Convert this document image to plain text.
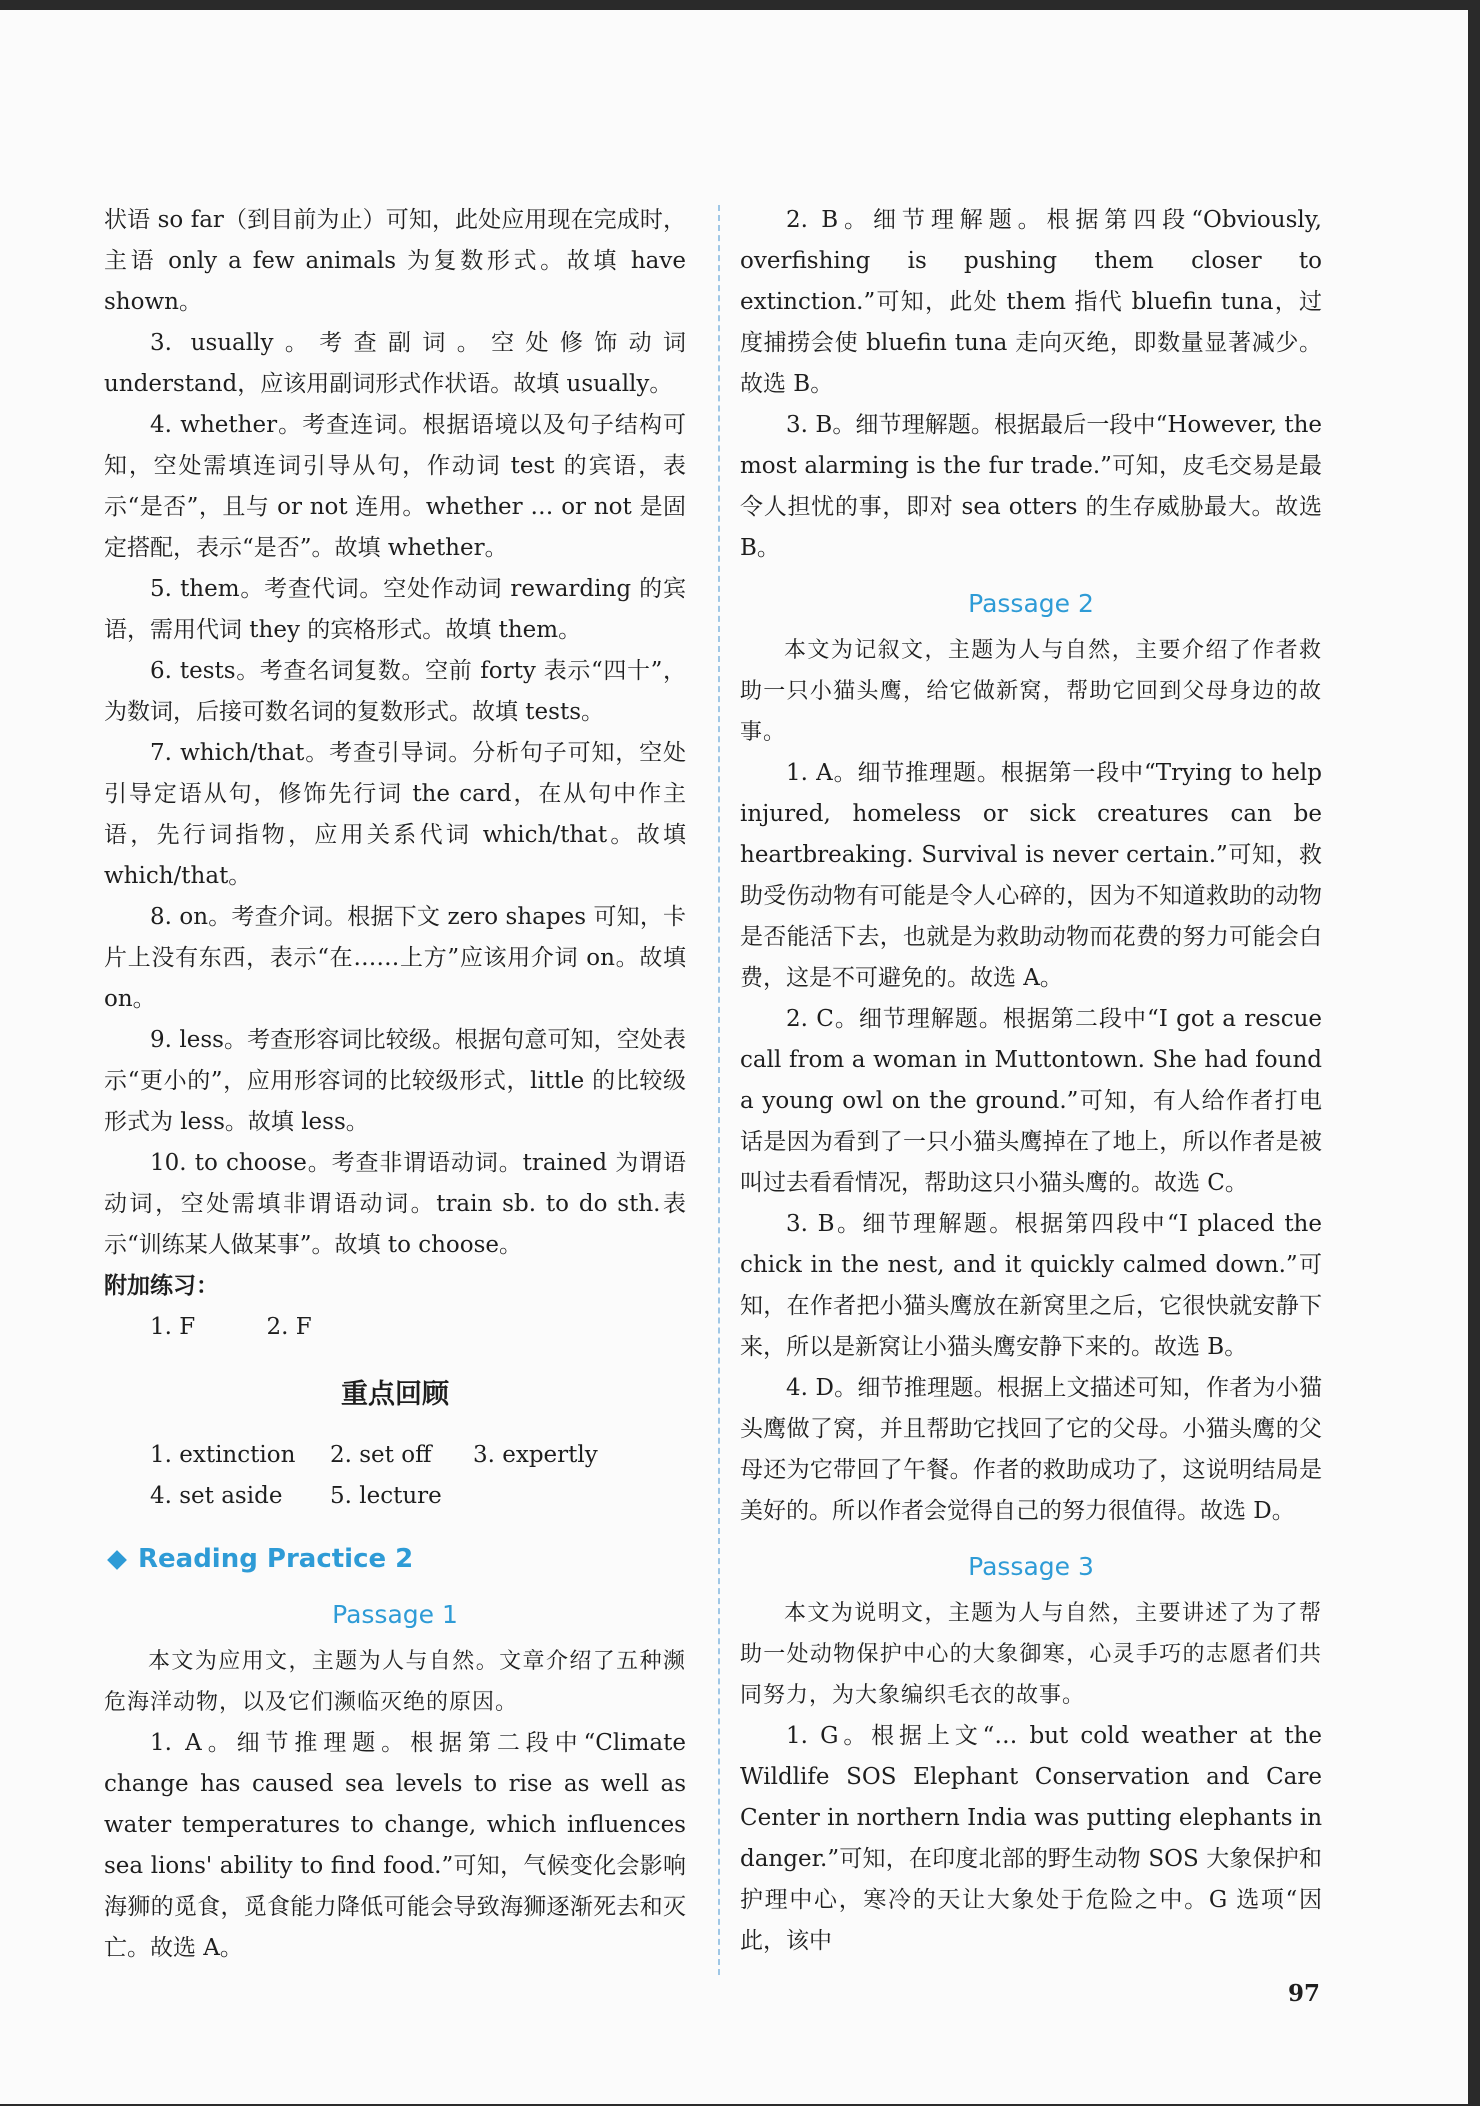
状语 so far（到目前为止）可知，此处应用现在完成时，主语 only a few animals 为复数形式。故填 have shown。

3. usually。考查副词。空处修饰动词 understand，应该用副词形式作状语。故填 usually。

4. whether。考查连词。根据语境以及句子结构可知，空处需填连词引导从句，作动词 test 的宾语，表示“是否”，且与 or not 连用。whether … or not 是固定搭配，表示“是否”。故填 whether。

5. them。考查代词。空处作动词 rewarding 的宾语，需用代词 they 的宾格形式。故填 them。

6. tests。考查名词复数。空前 forty 表示“四十”，为数词，后接可数名词的复数形式。故填 tests。

7. which/that。考查引导词。分析句子可知，空处引导定语从句，修饰先行词 the card，在从句中作主语，先行词指物，应用关系代词 which/that。故填 which/that。

8. on。考查介词。根据下文 zero shapes 可知，卡片上没有东西，表示“在……上方”应该用介词 on。故填 on。

9. less。考查形容词比较级。根据句意可知，空处表示“更小的”，应用形容词的比较级形式，little 的比较级形式为 less。故填 less。

10. to choose。考查非谓语动词。trained 为谓语动词，空处需填非谓语动词。train sb. to do sth.表示“训练某人做某事”。故填 to choose。

附加练习：

1. F	2. F

重点回顾
1. extinction	2. set off	3. expertly
4. set aside	5. lecture
Reading Practice 2
Passage 1

本文为应用文，主题为人与自然。文章介绍了五种濒危海洋动物，以及它们濒临灭绝的原因。

1. A。细节推理题。根据第二段中“Climate change has caused sea levels to rise as well as water temperatures to change, which influences sea lions' ability to find food.”可知，气候变化会影响海狮的觅食，觅食能力降低可能会导致海狮逐渐死去和灭亡。故选 A。

2. B。细节理解题。根据第四段“Obviously, overfishing is pushing them closer to extinction.”可知，此处 them 指代 bluefin tuna，过度捕捞会使 bluefin tuna 走向灭绝，即数量显著减少。故选 B。

3. B。细节理解题。根据最后一段中“However, the most alarming is the fur trade.”可知，皮毛交易是最令人担忧的事，即对 sea otters 的生存威胁最大。故选 B。

Passage 2

本文为记叙文，主题为人与自然，主要介绍了作者救助一只小猫头鹰，给它做新窝，帮助它回到父母身边的故事。

1. A。细节推理题。根据第一段中“Trying to help injured, homeless or sick creatures can be heartbreaking. Survival is never certain.”可知，救助受伤动物有可能是令人心碎的，因为不知道救助的动物是否能活下去，也就是为救助动物而花费的努力可能会白费，这是不可避免的。故选 A。

2. C。细节理解题。根据第二段中“I got a rescue call from a woman in Muttontown. She had found a young owl on the ground.”可知，有人给作者打电话是因为看到了一只小猫头鹰掉在了地上，所以作者是被叫过去看看情况，帮助这只小猫头鹰的。故选 C。

3. B。细节理解题。根据第四段中“I placed the chick in the nest, and it quickly calmed down.”可知，在作者把小猫头鹰放在新窝里之后，它很快就安静下来，所以是新窝让小猫头鹰安静下来的。故选 B。

4. D。细节推理题。根据上文描述可知，作者为小猫头鹰做了窝，并且帮助它找回了它的父母。小猫头鹰的父母还为它带回了午餐。作者的救助成功了，这说明结局是美好的。所以作者会觉得自己的努力很值得。故选 D。

Passage 3

本文为说明文，主题为人与自然，主要讲述了为了帮助一处动物保护中心的大象御寒，心灵手巧的志愿者们共同努力，为大象编织毛衣的故事。

1. G。根据上文“… but cold weather at the Wildlife SOS Elephant Conservation and Care Center in northern India was putting elephants in danger.”可知，在印度北部的野生动物 SOS 大象保护和护理中心，寒冷的天让大象处于危险之中。G 选项“因此，该中

97
